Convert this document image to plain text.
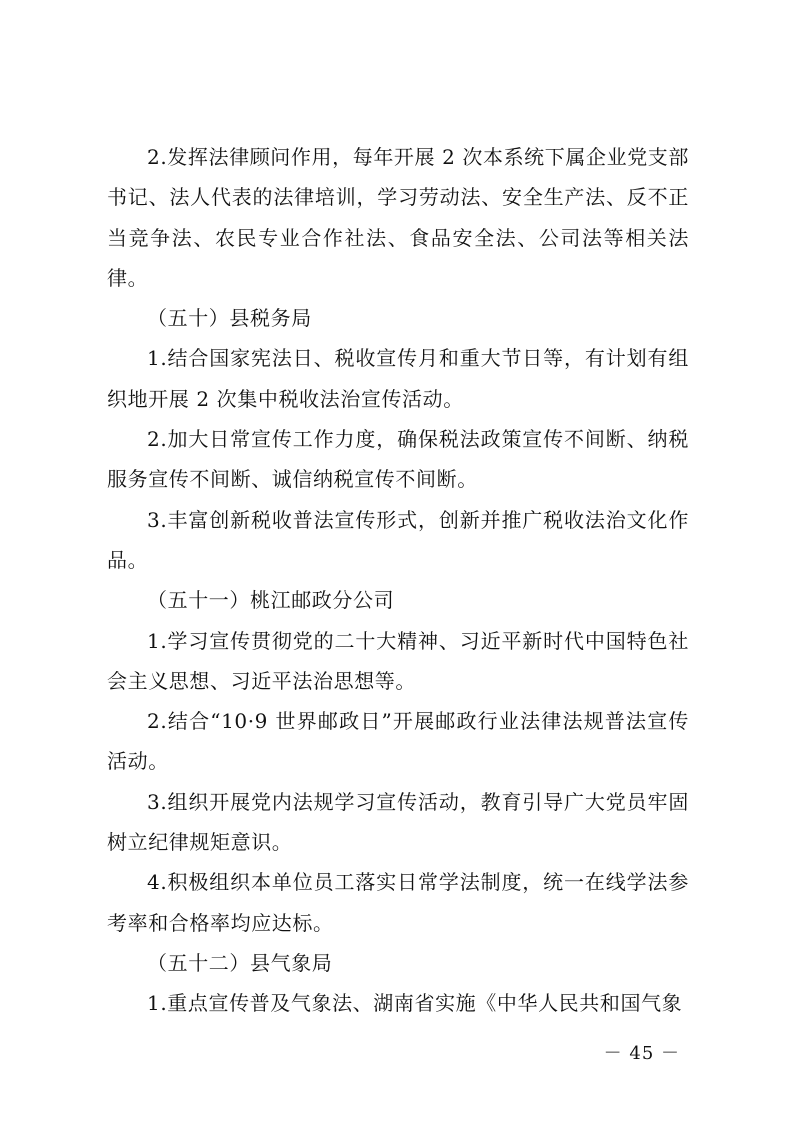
2.发挥法律顾问作用，每年开展 2 次本系统下属企业党支部书记、法人代表的法律培训，学习劳动法、安全生产法、反不正当竞争法、农民专业合作社法、食品安全法、公司法等相关法律。

（五十）县税务局

1.结合国家宪法日、税收宣传月和重大节日等，有计划有组织地开展 2 次集中税收法治宣传活动。

2.加大日常宣传工作力度，确保税法政策宣传不间断、纳税服务宣传不间断、诚信纳税宣传不间断。

3.丰富创新税收普法宣传形式，创新并推广税收法治文化作品。

（五十一）桃江邮政分公司

1.学习宣传贯彻党的二十大精神、习近平新时代中国特色社会主义思想、习近平法治思想等。

2.结合“10·9 世界邮政日”开展邮政行业法律法规普法宣传活动。

3.组织开展党内法规学习宣传活动，教育引导广大党员牢固树立纪律规矩意识。

4.积极组织本单位员工落实日常学法制度，统一在线学法参考率和合格率均应达标。

（五十二）县气象局

1.重点宣传普及气象法、湖南省实施《中华人民共和国气象

－ 45 －
